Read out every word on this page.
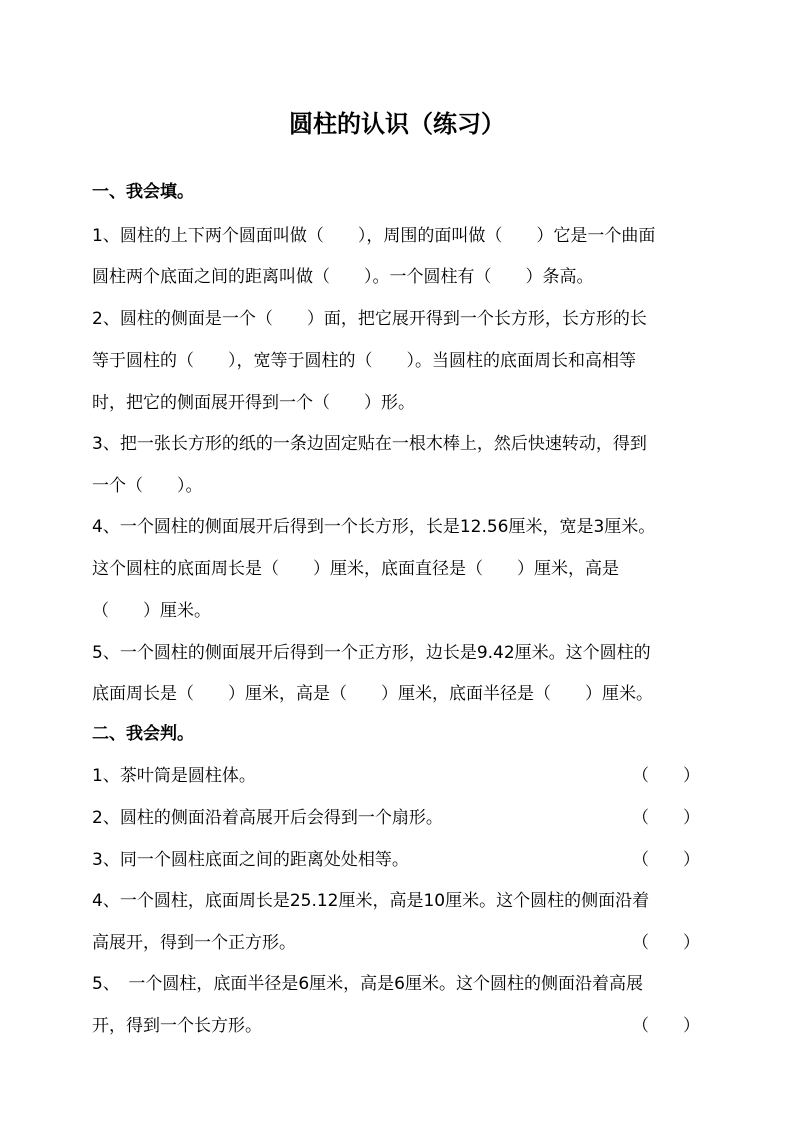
圆柱的认识（练习）
一、我会填。
1、圆柱的上下两个圆面叫做（　　），周围的面叫做（　　）它是一个曲面
圆柱两个底面之间的距离叫做（　　）。一个圆柱有（　　）条高。
2、圆柱的侧面是一个（　　）面，把它展开得到一个长方形，长方形的长
等于圆柱的（　　），宽等于圆柱的（　　）。当圆柱的底面周长和高相等
时，把它的侧面展开得到一个（　　）形。
3、把一张长方形的纸的一条边固定贴在一根木棒上，然后快速转动，得到
一个（　　）。
4、一个圆柱的侧面展开后得到一个长方形，长是12.56厘米，宽是3厘米。
这个圆柱的底面周长是（　　）厘米，底面直径是（　　）厘米，高是
（　　）厘米。
5、一个圆柱的侧面展开后得到一个正方形，边长是9.42厘米。这个圆柱的
底面周长是（　　）厘米，高是（　　）厘米，底面半径是（　　）厘米。
二、我会判。
1、茶叶筒是圆柱体。	（　　）
2、圆柱的侧面沿着高展开后会得到一个扇形。	（　　）
3、同一个圆柱底面之间的距离处处相等。	（　　）
4、一个圆柱，底面周长是25.12厘米，高是10厘米。这个圆柱的侧面沿着
高展开，得到一个正方形。	（　　）
5、　一个圆柱，底面半径是6厘米，高是6厘米。这个圆柱的侧面沿着高展
开，得到一个长方形。	（　　）
